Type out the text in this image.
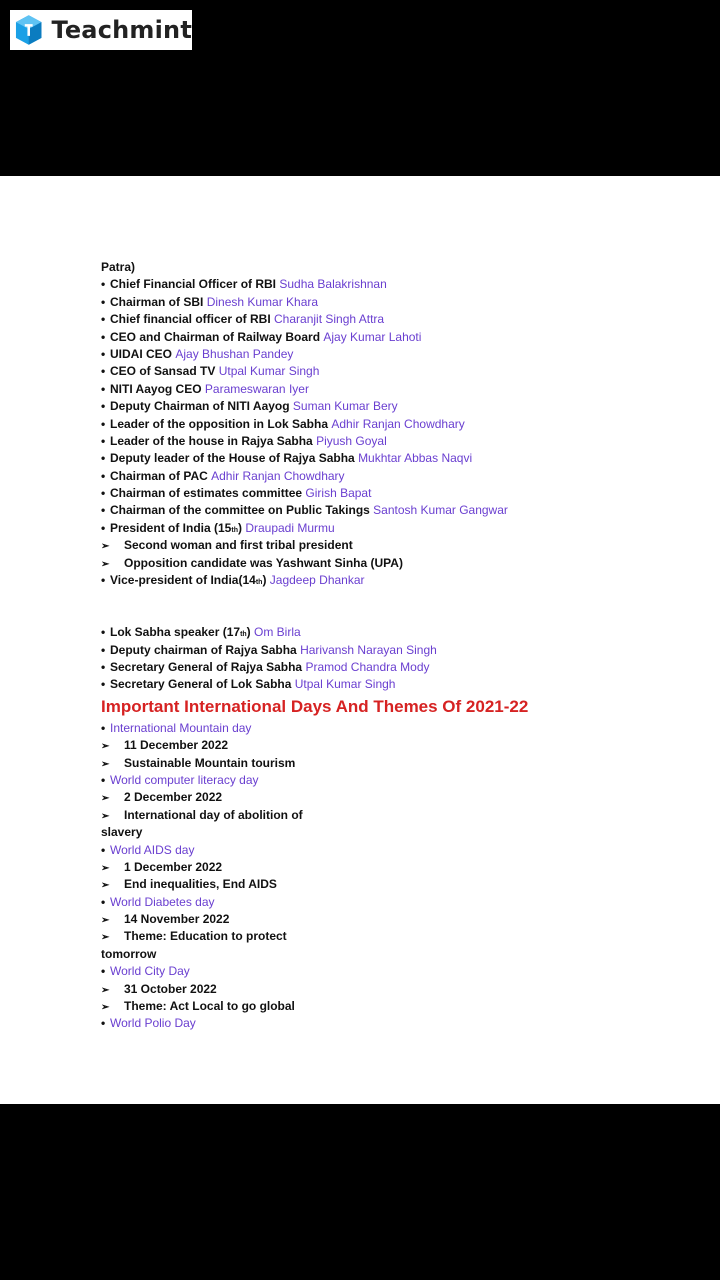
Teachmint
Patra)
• Chief Financial Officer of RBI Sudha Balakrishnan
• Chairman of SBI Dinesh Kumar Khara
• Chief financial officer of RBI Charanjit Singh Attra
• CEO and Chairman of Railway Board Ajay Kumar Lahoti
• UIDAI CEO Ajay Bhushan Pandey
• CEO of Sansad TV Utpal Kumar Singh
• NITI Aayog CEO Parameswaran Iyer
• Deputy Chairman of NITI Aayog Suman Kumar Bery
• Leader of the opposition in Lok Sabha Adhir Ranjan Chowdhary
• Leader of the house in Rajya Sabha Piyush Goyal
• Deputy leader of the House of Rajya Sabha Mukhtar Abbas Naqvi
• Chairman of PAC Adhir Ranjan Chowdhary
• Chairman of estimates committee Girish Bapat
• Chairman of the committee on Public Takings Santosh Kumar Gangwar
• President of India (15th) Draupadi Murmu
➢ Second woman and first tribal president
➢ Opposition candidate was Yashwant Sinha (UPA)
• Vice-president of India(14th) Jagdeep Dhankar
• Lok Sabha speaker (17th) Om Birla
• Deputy chairman of Rajya Sabha Harivansh Narayan Singh
• Secretary General of Rajya Sabha Pramod Chandra Mody
• Secretary General of Lok Sabha Utpal Kumar Singh
Important International Days And Themes Of 2021-22
• International Mountain day
➢ 11 December 2022
➢ Sustainable Mountain tourism
• World computer literacy day
➢ 2 December 2022
➢ International day of abolition of
slavery
• World AIDS day
➢ 1 December 2022
➢ End inequalities, End AIDS
• World Diabetes day
➢ 14 November 2022
➢ Theme: Education to protect
tomorrow
• World City Day
➢ 31 October 2022
➢ Theme: Act Local to go global
• World Polio Day
